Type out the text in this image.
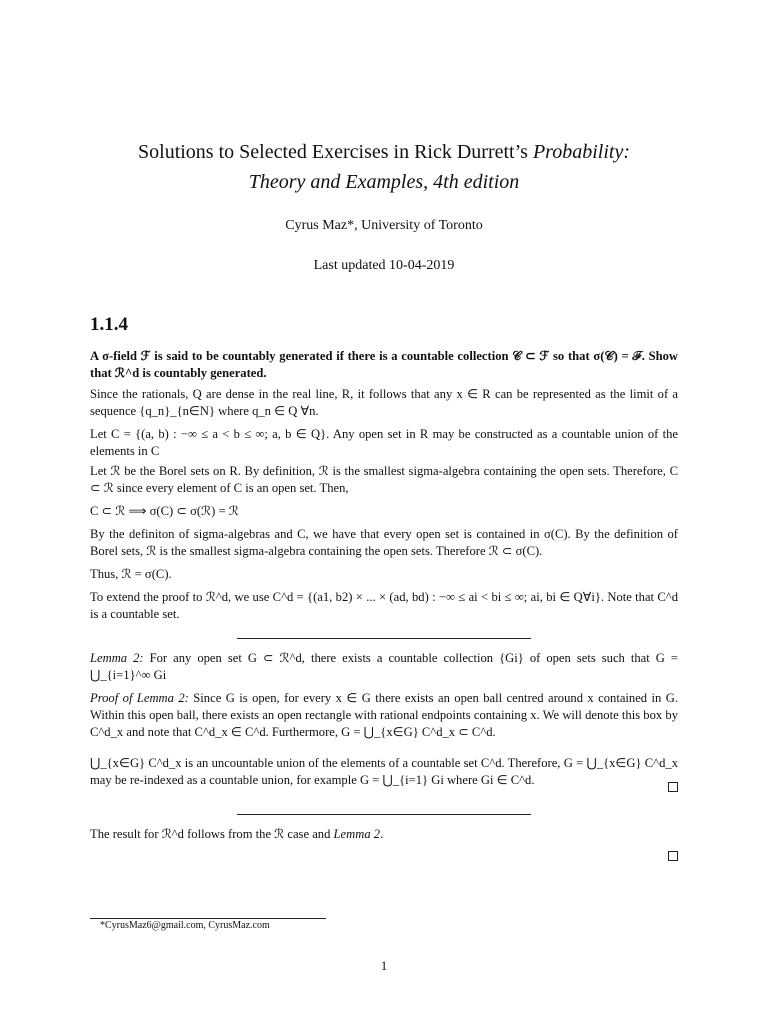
Solutions to Selected Exercises in Rick Durrett’s Probability:
Theory and Examples, 4th edition
Cyrus Maz*, University of Toronto
Last updated 10-04-2019
1.1.4
A σ-field ℱ is said to be countably generated if there is a countable collection 𝒞 ⊂ ℱ so that σ(𝒞) = ℱ. Show that ℛ^d is countably generated.
Since the rationals, Q are dense in the real line, R, it follows that any x ∈ R can be represented as the limit of a sequence {q_n}_{n∈N} where q_n ∈ Q ∀n.
Let C = {(a, b) : −∞ ≤ a < b ≤ ∞; a, b ∈ Q}. Any open set in R may be constructed as a countable union of the elements in C
Let ℛ be the Borel sets on R. By definition, ℛ is the smallest sigma-algebra containing the open sets. Therefore, C ⊂ ℛ since every element of C is an open set. Then,
C ⊂ ℛ ⟹ σ(C) ⊂ σ(ℛ) = ℛ
By the definiton of sigma-algebras and C, we have that every open set is contained in σ(C). By the definition of Borel sets, ℛ is the smallest sigma-algebra containing the open sets. Therefore ℛ ⊂ σ(C).
Thus, ℛ = σ(C).
To extend the proof to ℛ^d, we use C^d = {(a1, b2) × ... × (ad, bd) : −∞ ≤ ai < bi ≤ ∞; ai, bi ∈ Q∀i}. Note that C^d is a countable set.
Lemma 2: For any open set G ⊂ ℛ^d, there exists a countable collection {Gi} of open sets such that G = ⋃_{i=1}^∞ Gi
Proof of Lemma 2: Since G is open, for every x ∈ G there exists an open ball centred around x contained in G. Within this open ball, there exists an open rectangle with rational endpoints containing x. We will denote this box by C^d_x and note that C^d_x ∈ C^d. Furthermore, G = ⋃_{x∈G} C^d_x ⊂ C^d.
⋃_{x∈G} C^d_x is an uncountable union of the elements of a countable set C^d. Therefore, G = ⋃_{x∈G} C^d_x may be re-indexed as a countable union, for example G = ⋃_{i=1} Gi where Gi ∈ C^d.
The result for ℛ^d follows from the ℛ case and Lemma 2.
*CyrusMaz6@gmail.com, CyrusMaz.com
1
